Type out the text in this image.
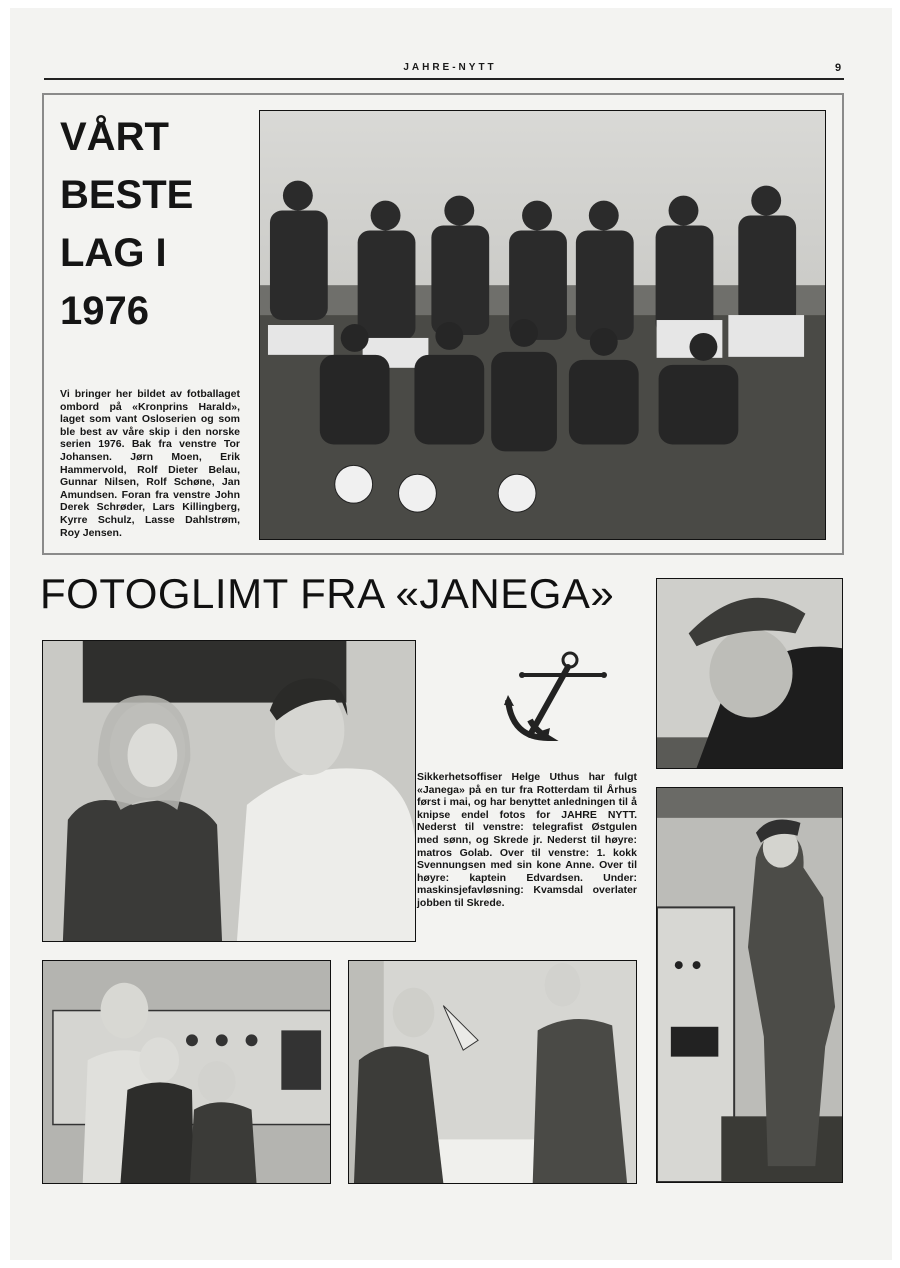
JAHRE-NYTT	9
VÅRT
BESTE
LAG I
1976
Vi bringer her bildet av fotballaget ombord på «Kronprins Harald», laget som vant Osloserien og som ble best av våre skip i den norske serien 1976. Bak fra venstre Tor Johansen. Jørn Moen, Erik Hammervold, Rolf Dieter Belau, Gunnar Nilsen, Rolf Schøne, Jan Amundsen. Foran fra venstre John Derek Schrøder, Lars Killingberg, Kyrre Schulz, Lasse Dahlstrøm, Roy Jensen.
FOTOGLIMT FRA «JANEGA»
Sikkerhetsoffiser Helge Uthus har fulgt «Janega» på en tur fra Rotterdam til Århus først i mai, og har benyttet anledningen til å knipse endel fotos for JAHRE NYTT. Nederst til venstre: telegrafist Østgulen med sønn, og Skrede jr. Nederst til høyre: matros Golab. Over til venstre: 1. kokk Svennungsen med sin kone Anne. Over til høyre: kaptein Edvardsen. Under: maskinsjefavløsning: Kvamsdal overlater jobben til Skrede.
